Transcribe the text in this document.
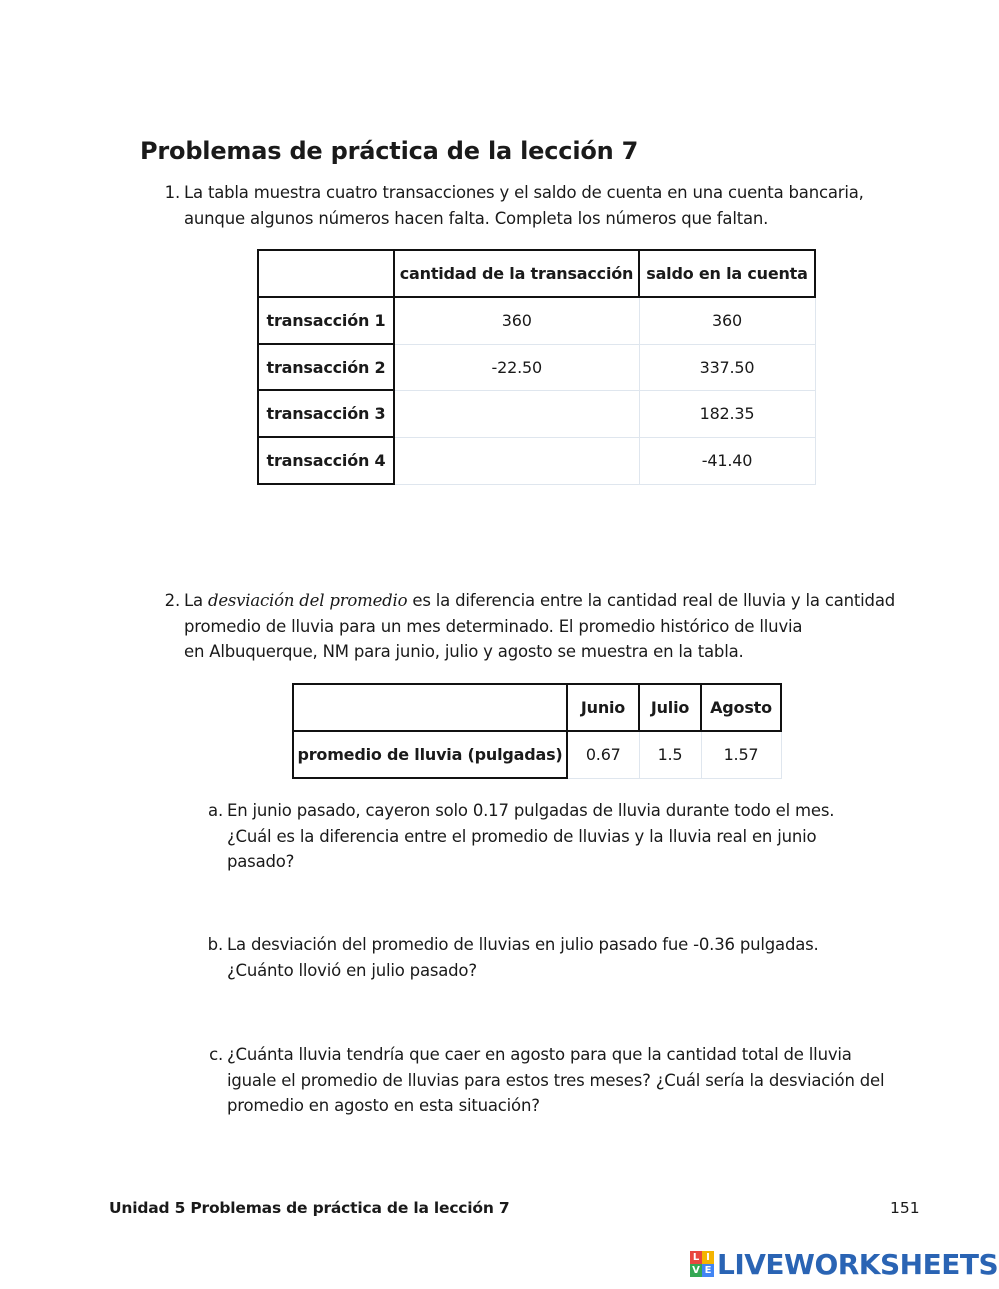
Problemas de práctica de la lección 7
1. La tabla muestra cuatro transacciones y el saldo de cuenta en una cuenta bancaria,
aunque algunos números hacen falta. Completa los números que faltan.
	cantidad de la transacción	saldo en la cuenta
transacción 1	360	360
transacción 2	-22.50	337.50
transacción 3		182.35
transacción 4		-41.40
2. La desviación del promedio es la diferencia entre la cantidad real de lluvia y la cantidad
promedio de lluvia para un mes determinado. El promedio histórico de lluvia
en Albuquerque, NM para junio, julio y agosto se muestra en la tabla.
	Junio	Julio	Agosto
promedio de lluvia (pulgadas)	0.67	1.5	1.57
a. En junio pasado, cayeron solo 0.17 pulgadas de lluvia durante todo el mes.
¿Cuál es la diferencia entre el promedio de lluvias y la lluvia real en junio
pasado?
b. La desviación del promedio de lluvias en julio pasado fue -0.36 pulgadas.
¿Cuánto llovió en julio pasado?
c. ¿Cuánta lluvia tendría que caer en agosto para que la cantidad total de lluvia
iguale el promedio de lluvias para estos tres meses? ¿Cuál sería la desviación del
promedio en agosto en esta situación?
Unidad 5 Problemas de práctica de la lección 7	151
L I
V E LIVEWORKSHEETS
